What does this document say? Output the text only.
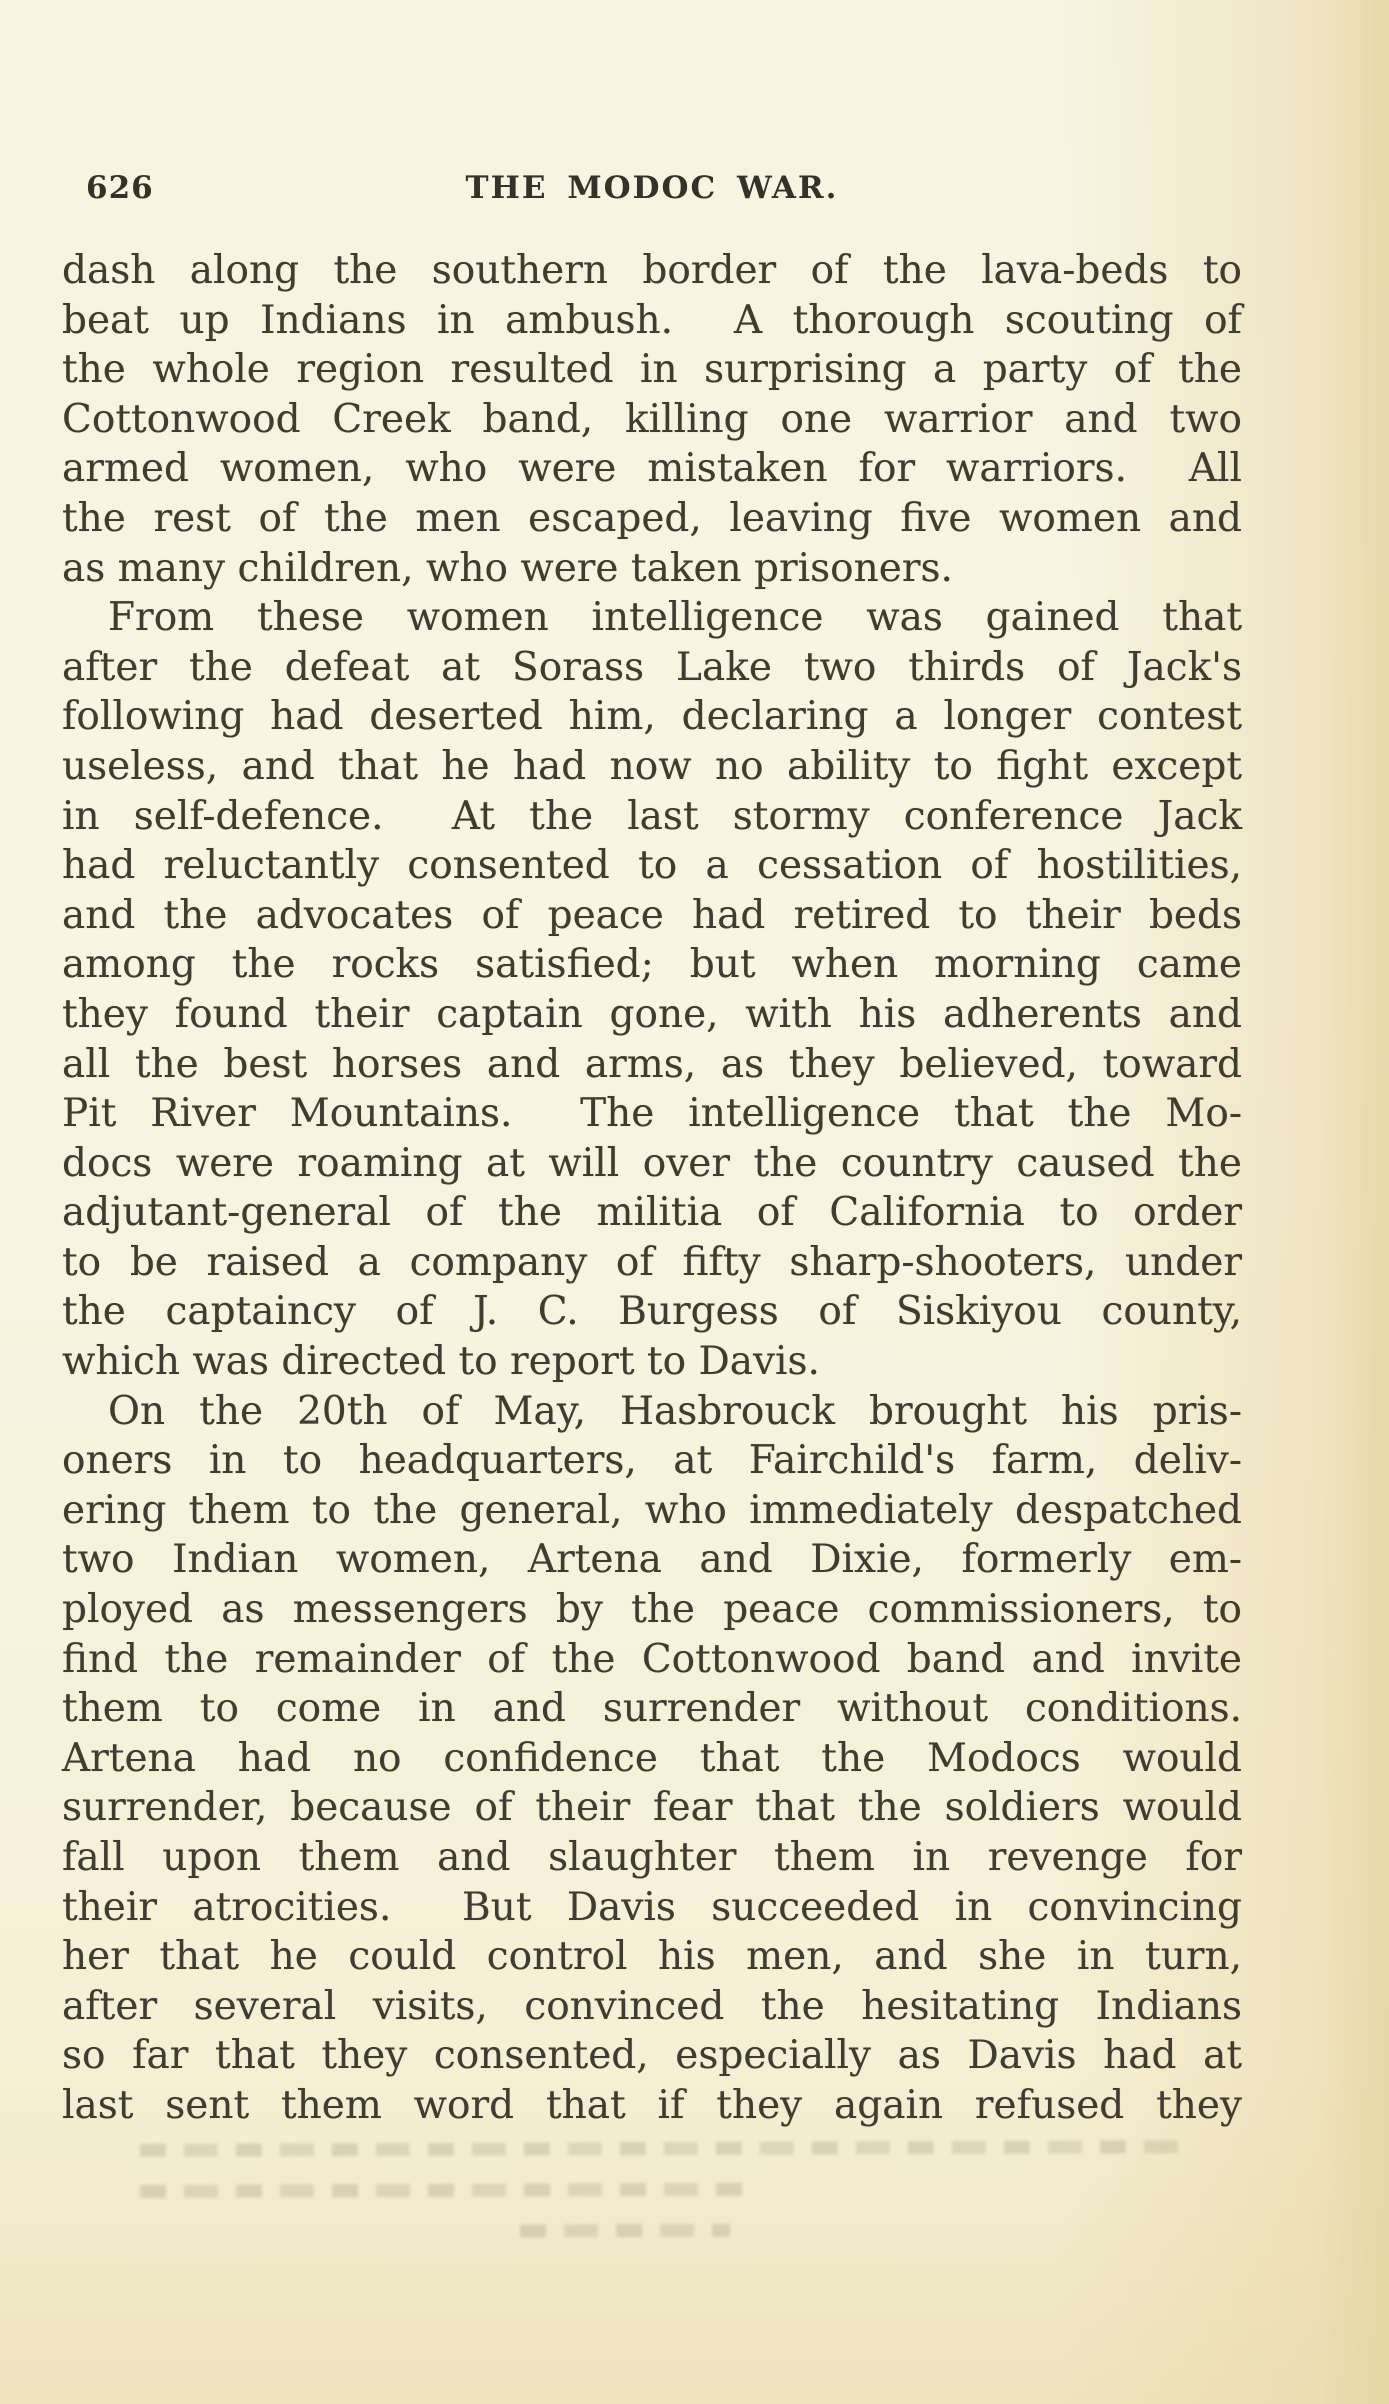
626	THE MODOC WAR.
dash along the southern border of the lava-beds to
beat up Indians in ambush.  A thorough scouting of
the whole region resulted in surprising a party of the
Cottonwood Creek band, killing one warrior and two
armed women, who were mistaken for warriors.  All
the rest of the men escaped, leaving five women and
as many children, who were taken prisoners.
From these women intelligence was gained that
after the defeat at Sorass Lake two thirds of Jack's
following had deserted him, declaring a longer contest
useless, and that he had now no ability to fight except
in self-defence.  At the last stormy conference Jack
had reluctantly consented to a cessation of hostilities,
and the advocates of peace had retired to their beds
among the rocks satisfied; but when morning came
they found their captain gone, with his adherents and
all the best horses and arms, as they believed, toward
Pit River Mountains.  The intelligence that the Mo-
docs were roaming at will over the country caused the
adjutant-general of the militia of California to order
to be raised a company of fifty sharp-shooters, under
the captaincy of J. C. Burgess of Siskiyou county,
which was directed to report to Davis.
On the 20th of May, Hasbrouck brought his pris-
oners in to headquarters, at Fairchild's farm, deliv-
ering them to the general, who immediately despatched
two Indian women, Artena and Dixie, formerly em-
ployed as messengers by the peace commissioners, to
find the remainder of the Cottonwood band and invite
them to come in and surrender without conditions.
Artena had no confidence that the Modocs would
surrender, because of their fear that the soldiers would
fall upon them and slaughter them in revenge for
their atrocities.  But Davis succeeded in convincing
her that he could control his men, and she in turn,
after several visits, convinced the hesitating Indians
so far that they consented, especially as Davis had at
last sent them word that if they again refused they
